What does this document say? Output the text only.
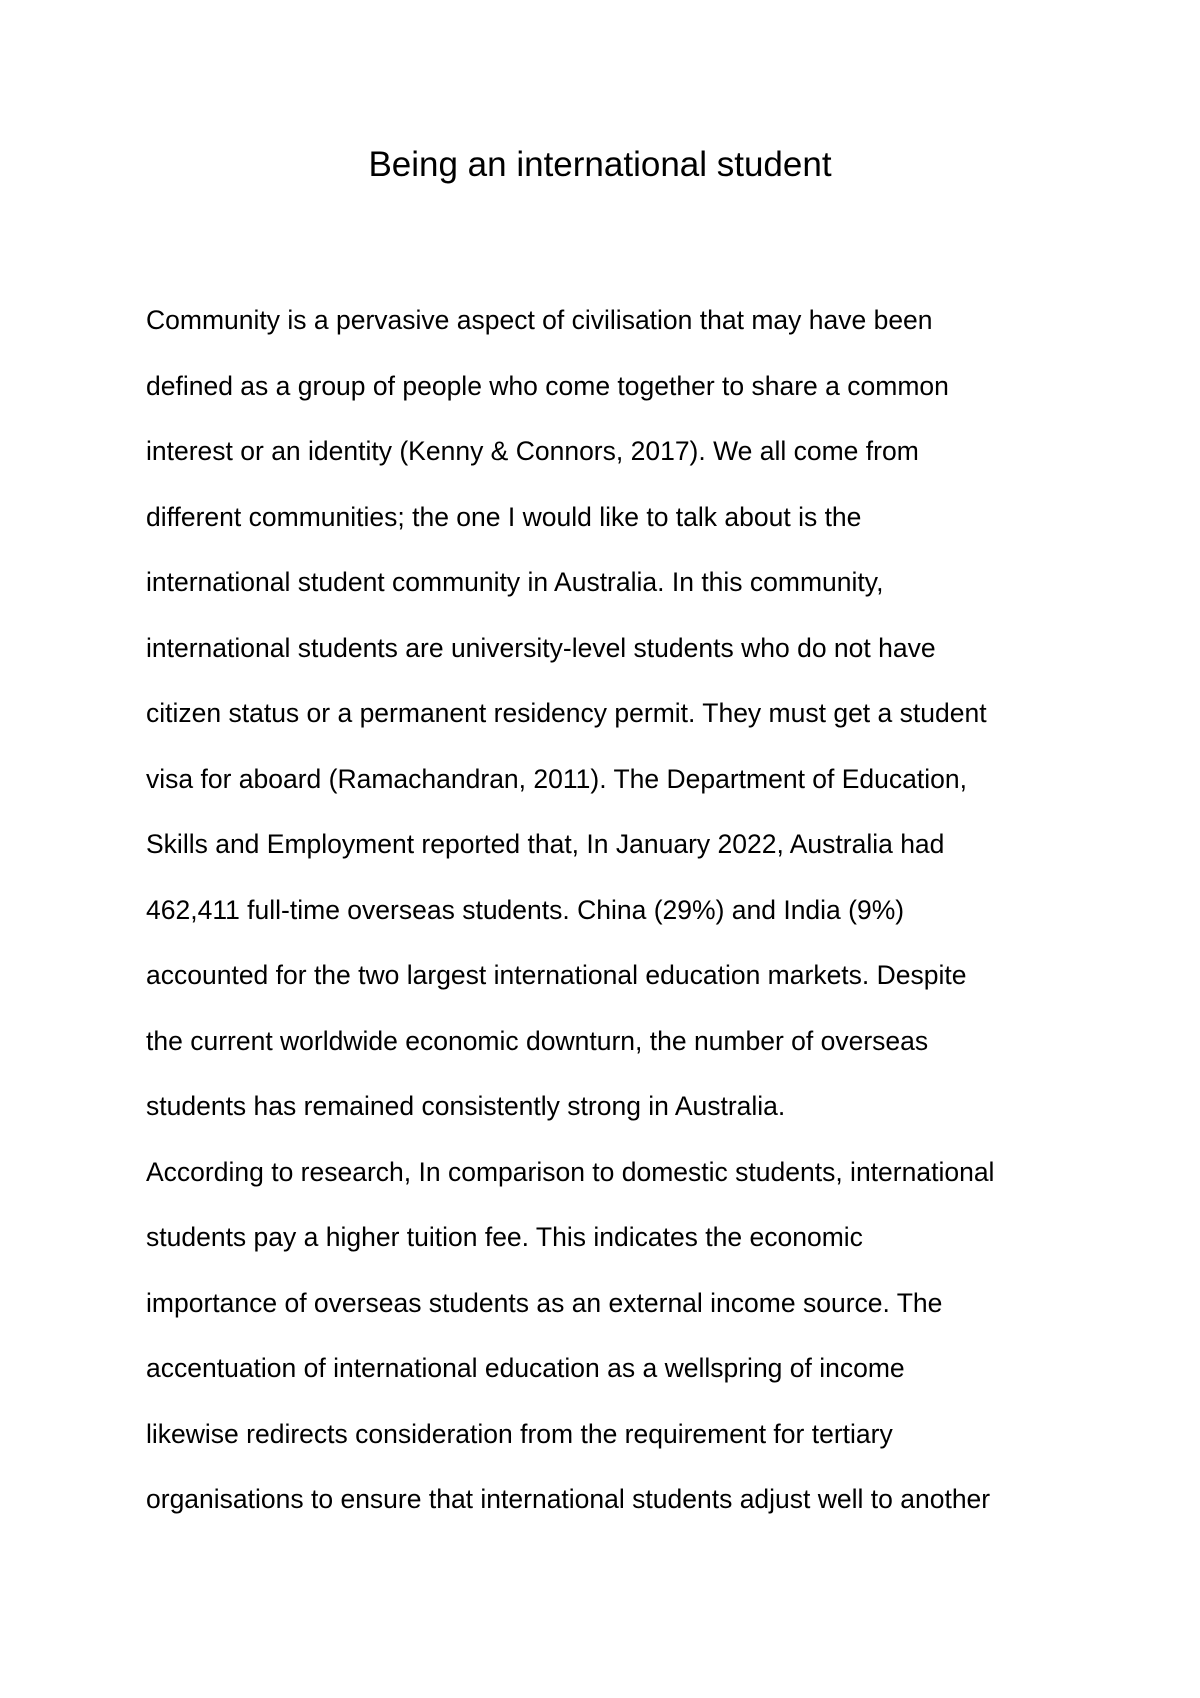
Being an international student
Community is a pervasive aspect of civilisation that may have been
defined as a group of people who come together to share a common
interest or an identity (Kenny & Connors, 2017). We all come from
different communities; the one I would like to talk about is the
international student community in Australia. In this community,
international students are university-level students who do not have
citizen status or a permanent residency permit. They must get a student
visa for aboard (Ramachandran, 2011). The Department of Education,
Skills and Employment reported that, In January 2022, Australia had
462,411 full-time overseas students. China (29%) and India (9%)
accounted for the two largest international education markets. Despite
the current worldwide economic downturn, the number of overseas
students has remained consistently strong in Australia.
According to research, In comparison to domestic students, international
students pay a higher tuition fee. This indicates the economic
importance of overseas students as an external income source. The
accentuation of international education as a wellspring of income
likewise redirects consideration from the requirement for tertiary
organisations to ensure that international students adjust well to another
